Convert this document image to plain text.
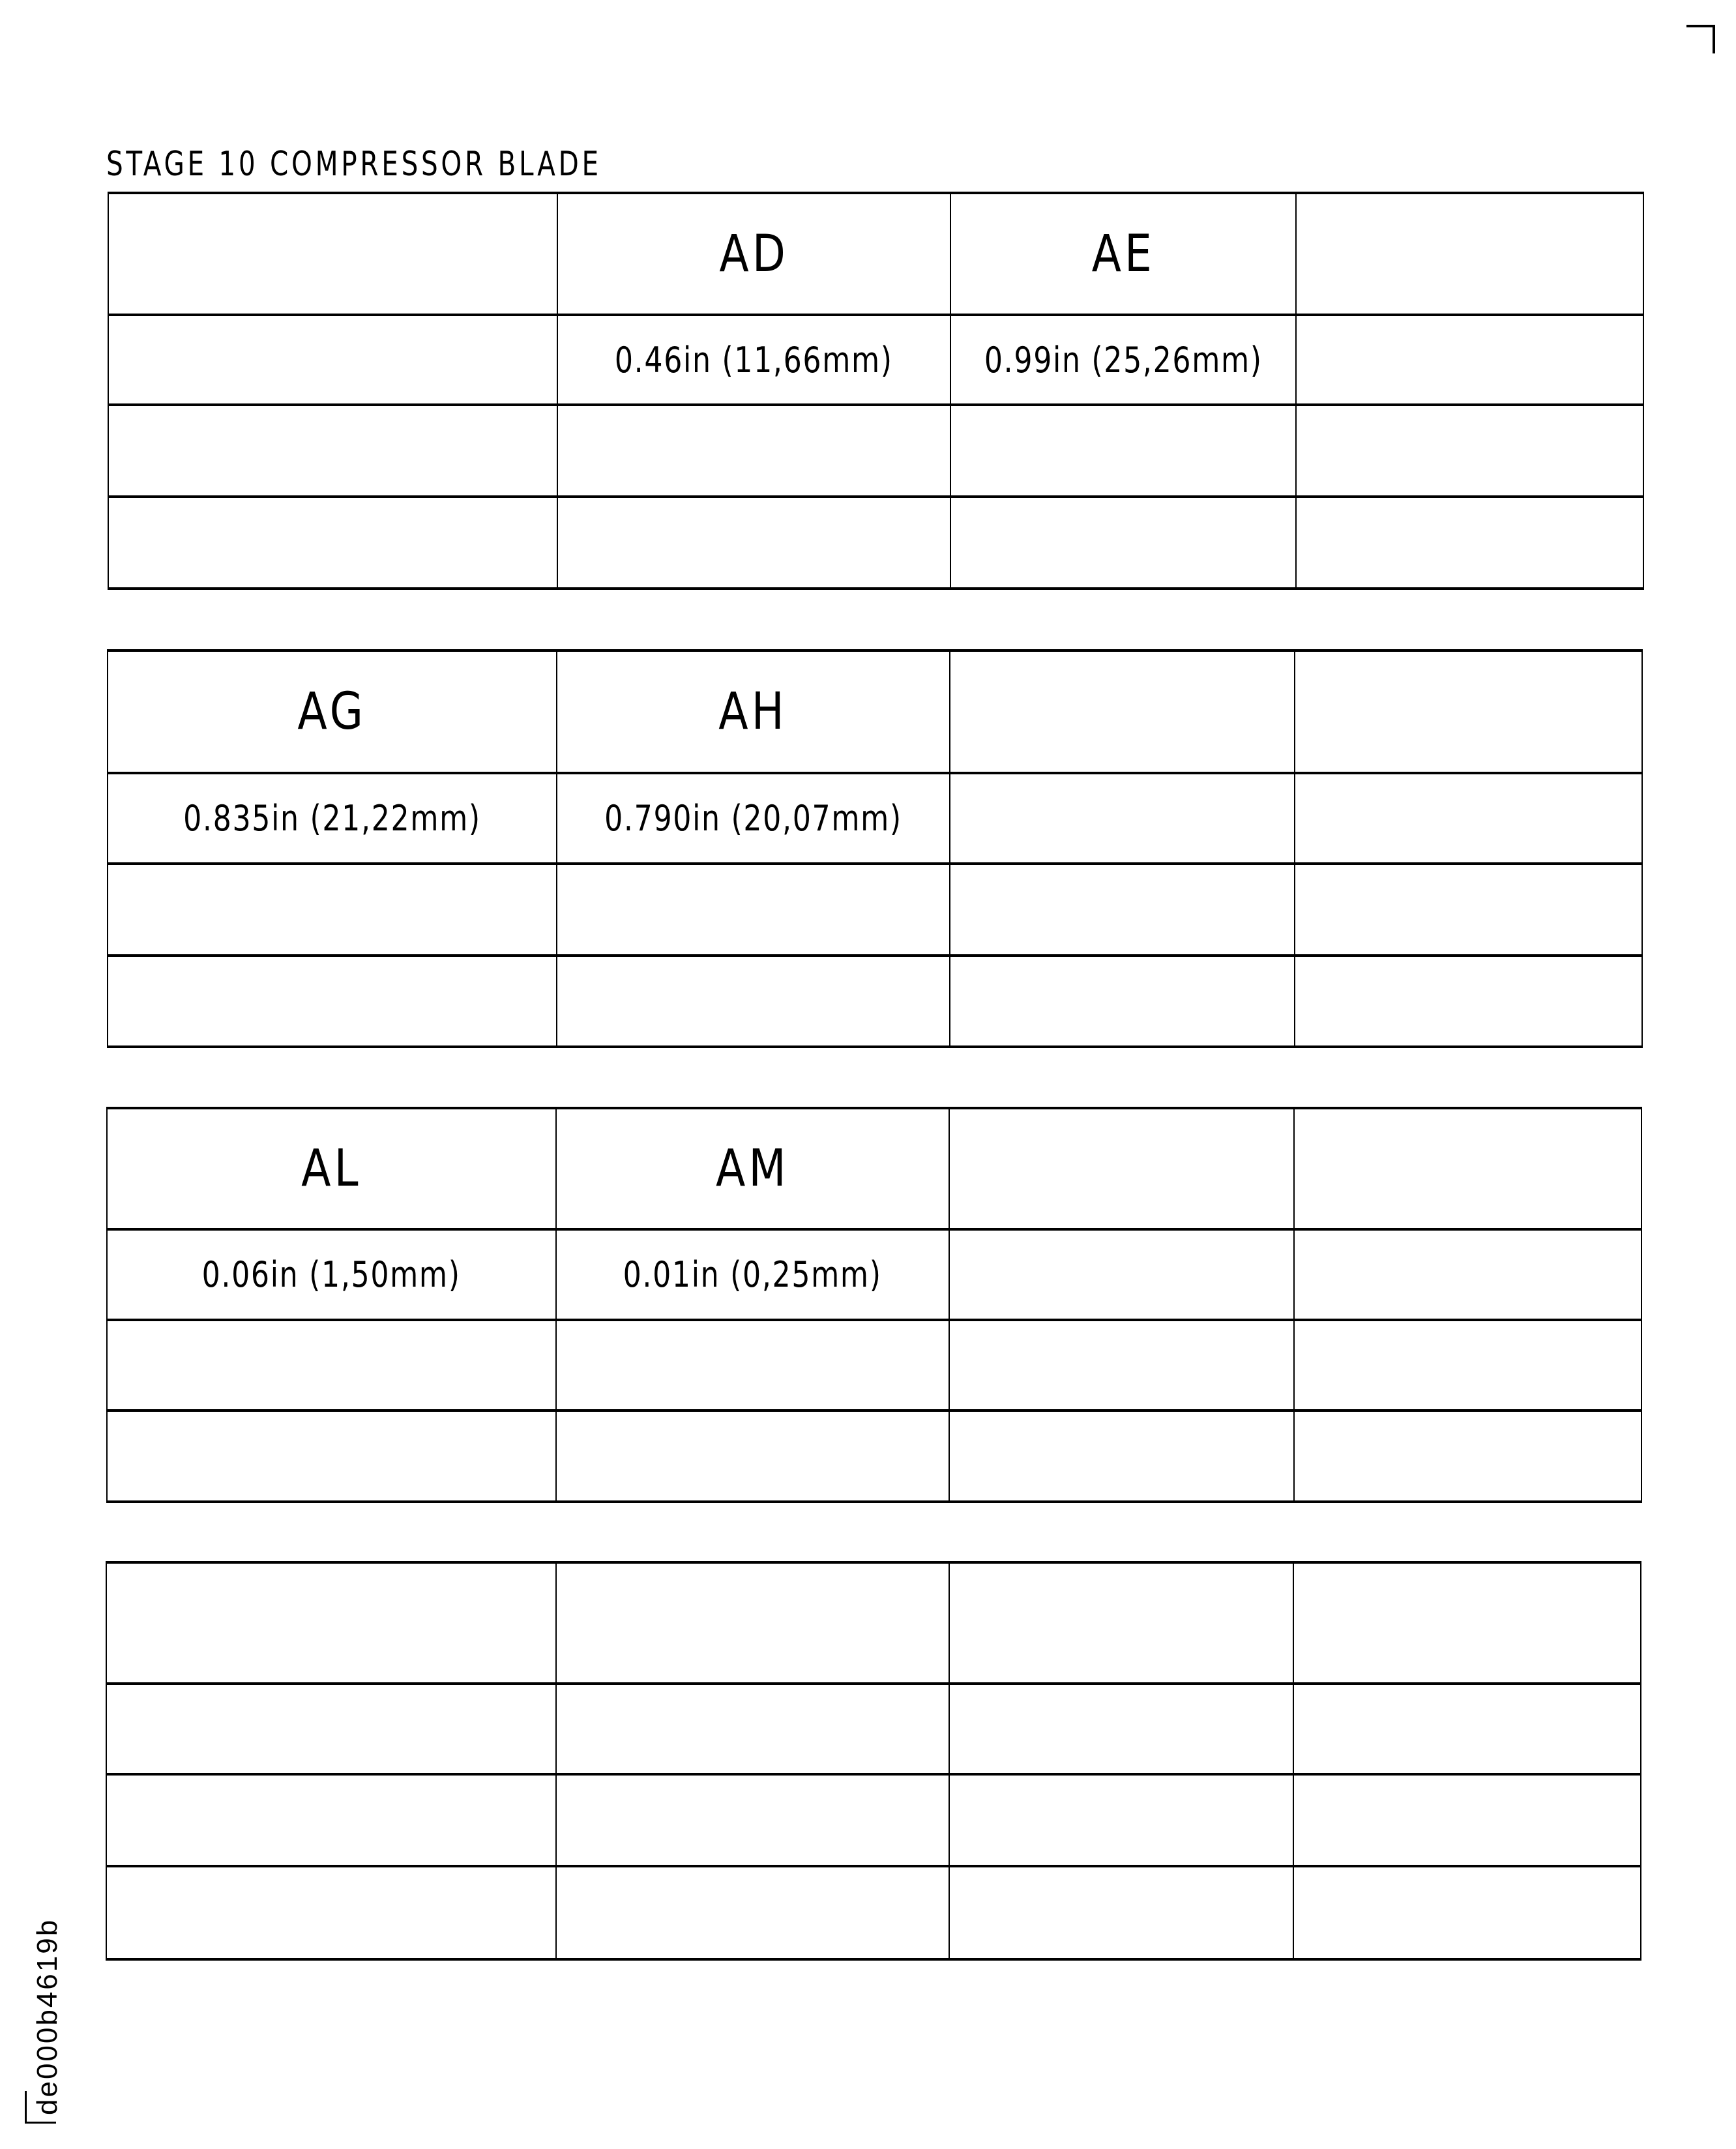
STAGE 10 COMPRESSOR BLADE
	AD	AE	
	0.46in (11,66mm)	0.99in (25,26mm)	

AG	AH		
0.835in (21,22mm)	0.790in (20,07mm)		

AL	AM		
0.06in (1,50mm)	0.01in (0,25mm)		

de000b4619b
